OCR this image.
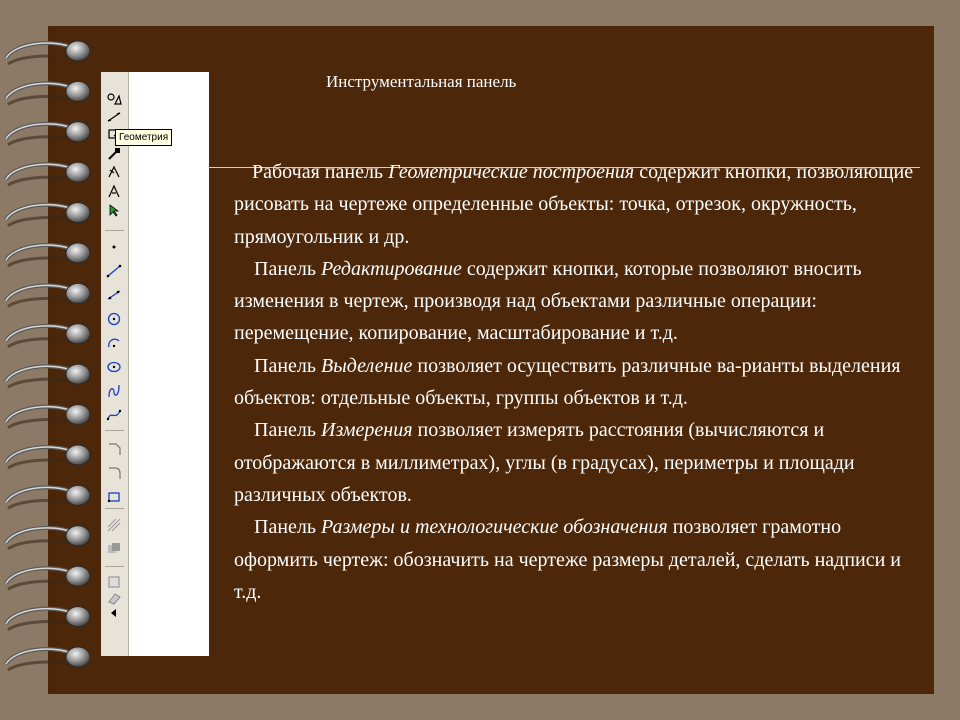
Геометрия
Инструментальная панель

Рабочая панель Геометрические построения содержит кнопки, позволяющие рисовать на чертеже определенные объекты: точка, отрезок, окружность, прямоугольник и др.

Панель Редактирование содержит кнопки, которые позволяют вносить изменения в чертеж, производя над объектами различные операции: перемещение, копирование, масштабирование и т.д.

Панель Выделение позволяет осуществить различные ва-рианты выделения объектов: отдельные объекты, группы объектов и т.д.

Панель Измерения позволяет измерять расстояния (вычисляются и отображаются в миллиметрах), углы (в градусах), периметры и площади различных объектов.

Панель Размеры и технологические обозначения позволяет грамотно оформить чертеж: обозначить на чертеже размеры деталей, сделать надписи и т.д.
